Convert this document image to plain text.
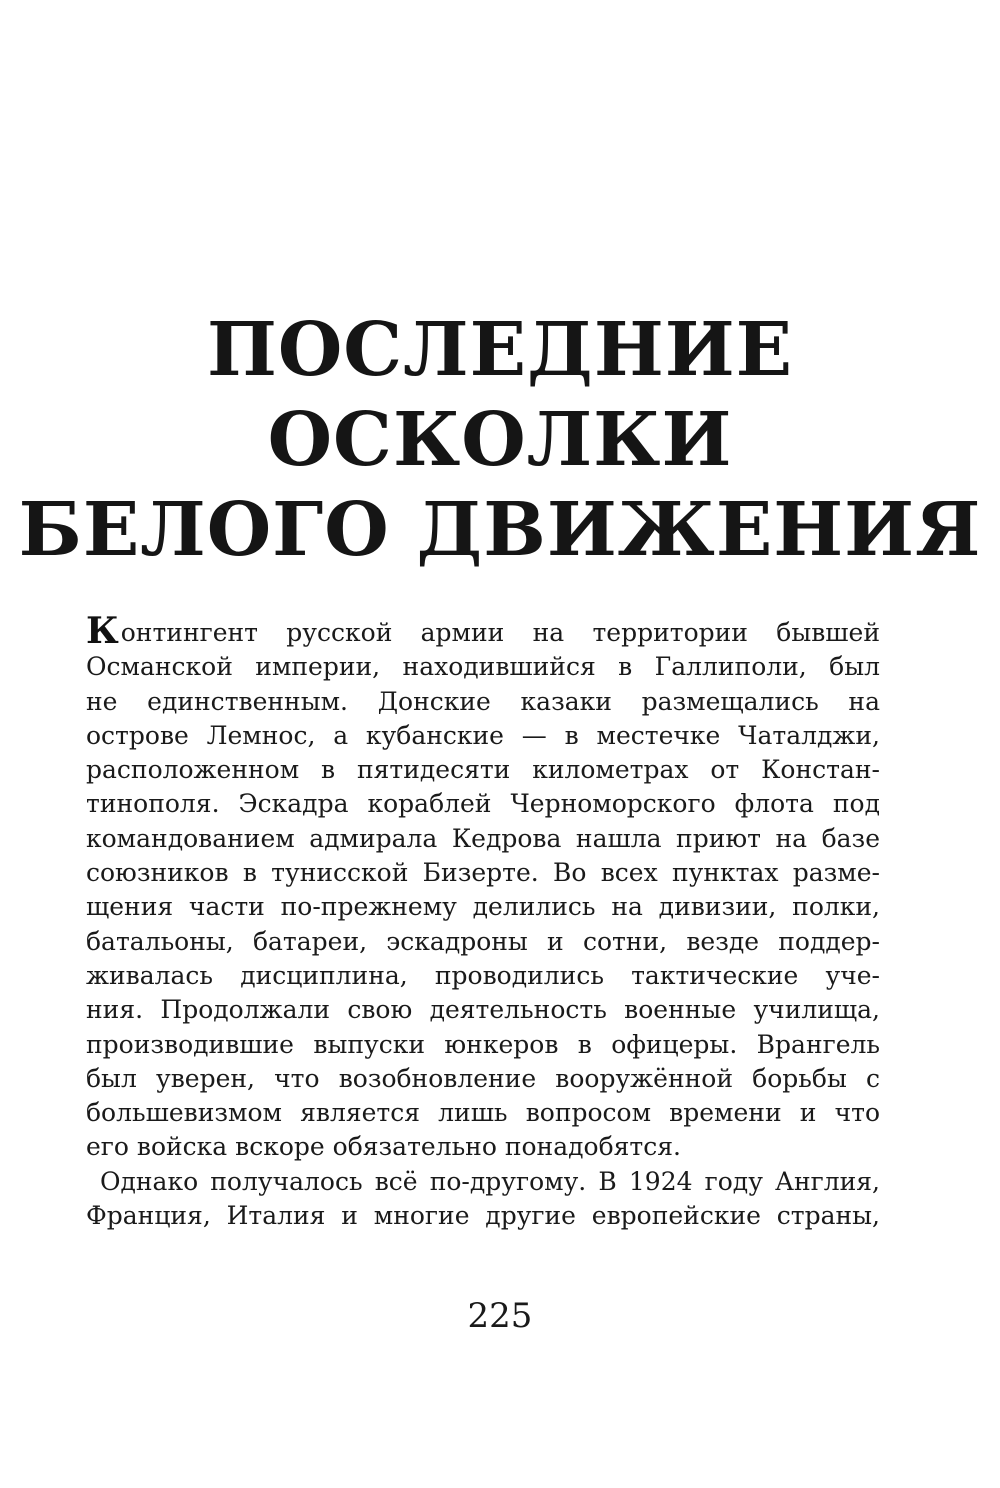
ПОСЛЕДНИЕ
ОСКОЛКИ
БЕЛОГО ДВИЖЕНИЯ
Контингент русской армии на территории бывшей
Османской империи, находившийся в Галлиполи, был
не единственным. Донские казаки размещались на
острове Лемнос, а кубанские — в местечке Чаталджи,
расположенном в пятидесяти километрах от Констан-
тинополя. Эскадра кораблей Черноморского флота под
командованием адмирала Кедрова нашла приют на базе
союзников в тунисской Бизерте. Во всех пунктах разме-
щения части по-прежнему делились на дивизии, полки,
батальоны, батареи, эскадроны и сотни, везде поддер-
живалась дисциплина, проводились тактические уче-
ния. Продолжали свою деятельность военные училища,
производившие выпуски юнкеров в офицеры. Врангель
был уверен, что возобновление вооружённой борьбы с
большевизмом является лишь вопросом времени и что
его войска вскоре обязательно понадобятся.
Однако получалось всё по-другому. В 1924 году Англия,
Франция, Италия и многие другие европейские страны,
225
